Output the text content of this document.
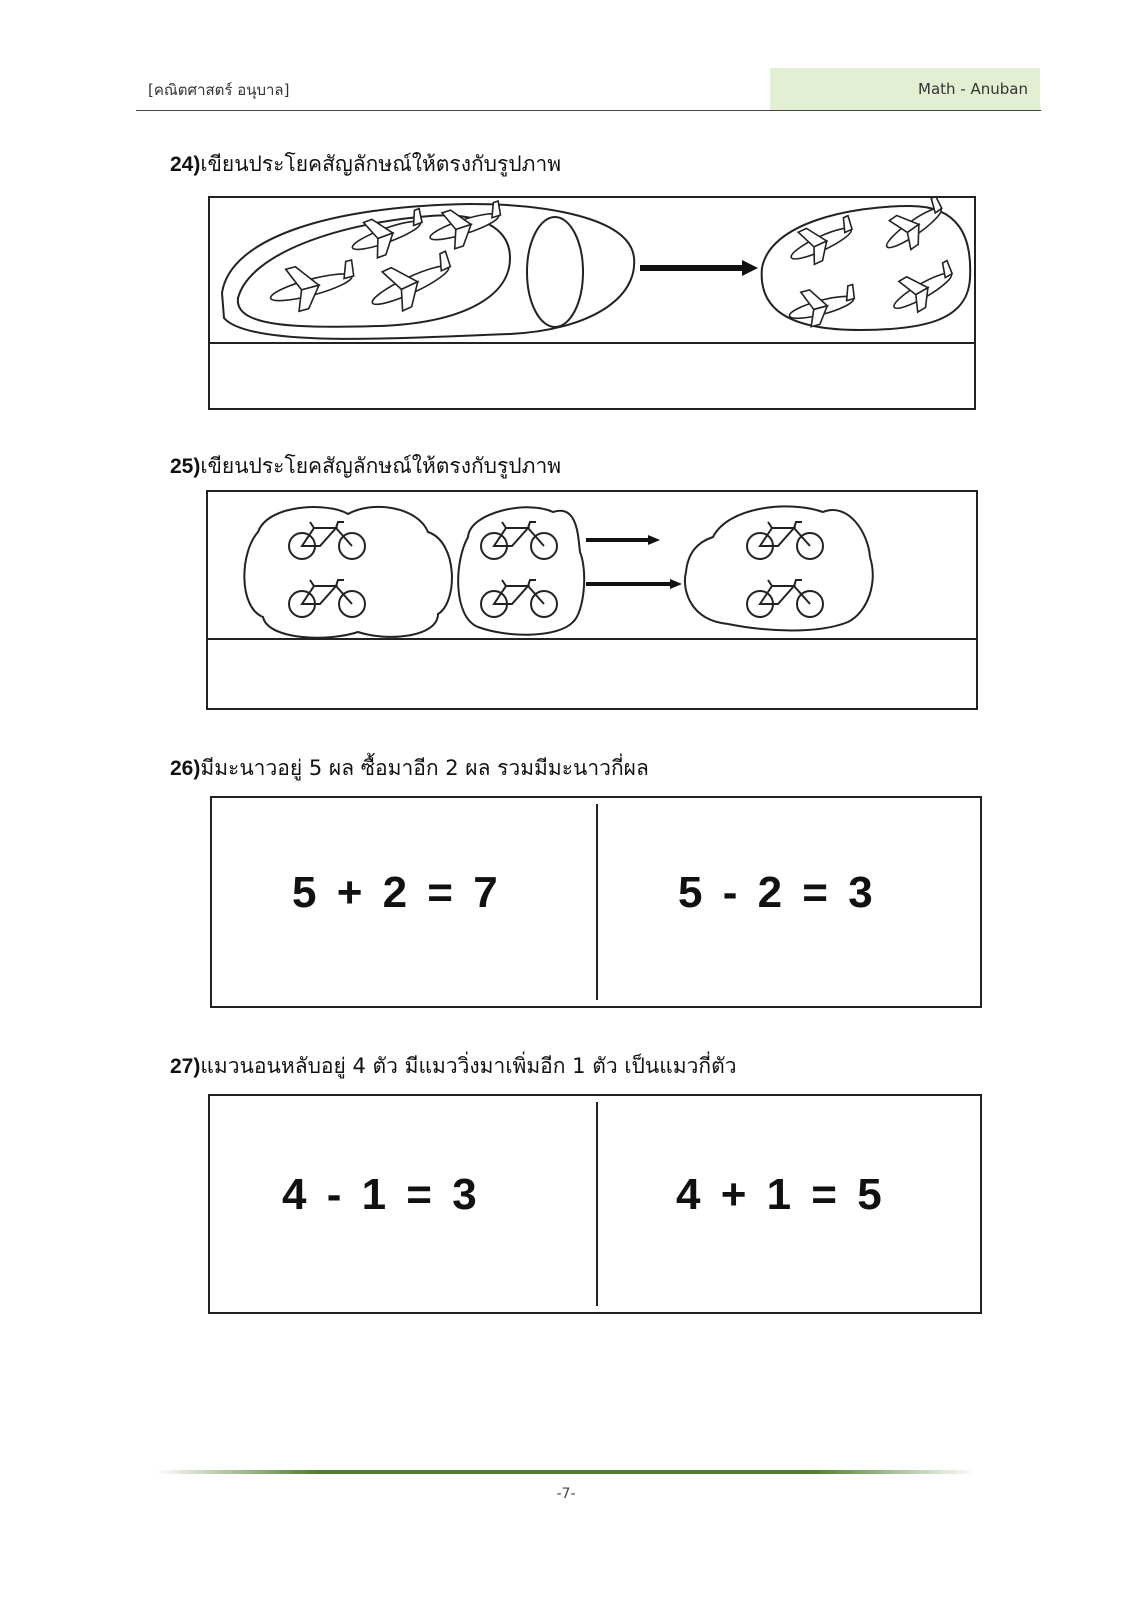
[คณิตศาสตร์ อนุบาล]	Math - Anuban
24)เขียนประโยคสัญลักษณ์ให้ตรงกับรูปภาพ
25)เขียนประโยคสัญลักษณ์ให้ตรงกับรูปภาพ
26)มีมะนาวอยู่ 5 ผล ซื้อมาอีก 2 ผล รวมมีมะนาวกี่ผล
5 + 2 = 7	5 - 2 = 3
27)แมวนอนหลับอยู่ 4 ตัว มีแมววิ่งมาเพิ่มอีก 1 ตัว เป็นแมวกี่ตัว
4 - 1 = 3	4 + 1 = 5
-7-
